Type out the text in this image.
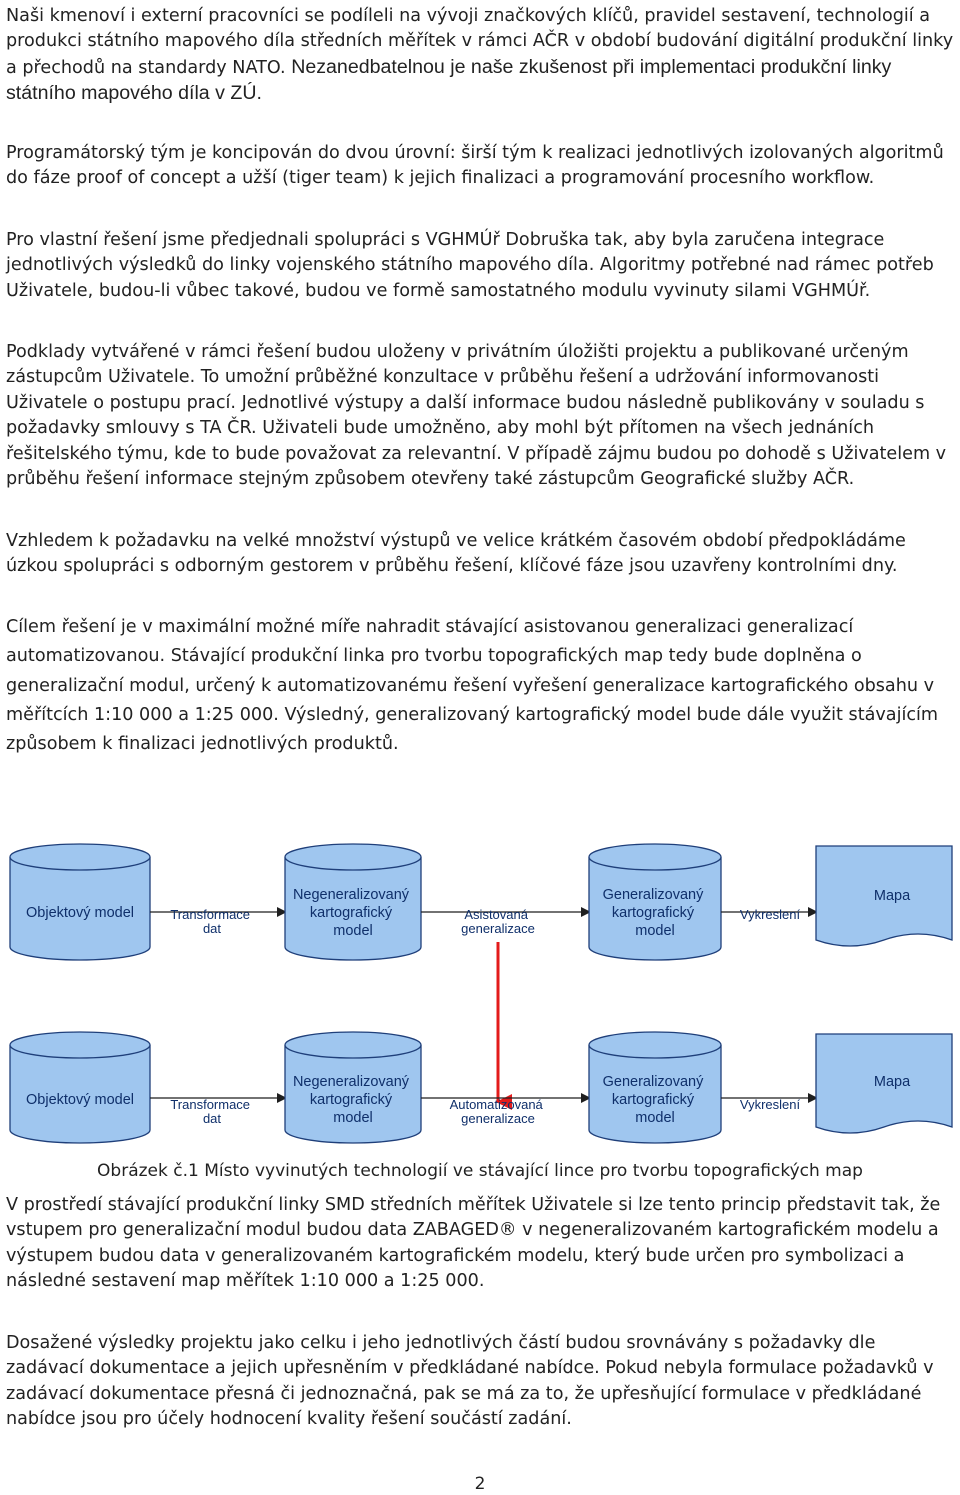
Naši kmenoví i externí pracovníci se podíleli na vývoji značkových klíčů, pravidel sestavení, technologií a produkci státního mapového díla středních měřítek v rámci AČR v období budování digitální produkční linky a přechodů na standardy NATO. Nezanedbatelnou je naše zkušenost při implementaci produkční linky státního mapového díla v ZÚ.

Programátorský tým je koncipován do dvou úrovní: širší tým k realizaci jednotlivých izolovaných algoritmů do fáze proof of concept a užší (tiger team) k jejich finalizaci a programování procesního workflow.

Pro vlastní řešení jsme předjednali spolupráci s VGHMÚř Dobruška tak, aby byla zaručena integrace jednotlivých výsledků do linky vojenského státního mapového díla. Algoritmy potřebné nad rámec potřeb Uživatele, budou-li vůbec takové, budou ve formě samostatného modulu vyvinuty silami VGHMÚř.

Podklady vytvářené v rámci řešení budou uloženy v privátním úložišti projektu a publikované určeným zástupcům Uživatele. To umožní průběžné konzultace v průběhu řešení a udržování informovanosti Uživatele o postupu prací. Jednotlivé výstupy a další informace budou následně publikovány v souladu s požadavky smlouvy s TA ČR. Uživateli bude umožněno, aby mohl být přítomen na všech jednáních řešitelského týmu, kde to bude považovat za relevantní. V případě zájmu budou po dohodě s Uživatelem v průběhu řešení informace stejným způsobem otevřeny také zástupcům Geografické služby AČR.

Vzhledem k požadavku na velké množství výstupů ve velice krátkém časovém období předpokládáme úzkou spolupráci s odborným gestorem v průběhu řešení, klíčové fáze jsou uzavřeny kontrolními dny.

Cílem řešení je v maximální možné míře nahradit stávající asistovanou generalizaci generalizací automatizovanou. Stávající produkční linka pro tvorbu topografických map tedy bude doplněna o generalizační modul, určený k automatizovanému řešení vyřešení generalizace kartografického obsahu v měřítcích 1:10 000 a 1:25 000. Výsledný, generalizovaný kartografický model bude dále využit stávajícím způsobem k finalizaci jednotlivých produktů.

Objektový model	Transformace dat
Negeneralizovaný kartografický model
Asistovaná generalizace
Generalizovaný kartografický model
Vykreslení
Mapa
Objektový model	Transformace dat
Negeneralizovaný kartografický model
Automatizovaná generalizace
Generalizovaný kartografický model
Vykreslení
Mapa
Obrázek č.1 Místo vyvinutých technologií ve stávající lince pro tvorbu topografických map

V prostředí stávající produkční linky SMD středních měřítek Uživatele si lze tento princip představit tak, že vstupem pro generalizační modul budou data ZABAGED® v negeneralizovaném kartografickém modelu a výstupem budou data v generalizovaném kartografickém modelu, který bude určen pro symbolizaci a následné sestavení map měřítek 1:10 000 a 1:25 000.

Dosažené výsledky projektu jako celku i jeho jednotlivých částí budou srovnávány s požadavky dle zadávací dokumentace a jejich upřesněním v předkládané nabídce. Pokud nebyla formulace požadavků v zadávací dokumentace přesná či jednoznačná, pak se má za to, že upřesňující formulace v předkládané nabídce jsou pro účely hodnocení kvality řešení součástí zadání.

2
